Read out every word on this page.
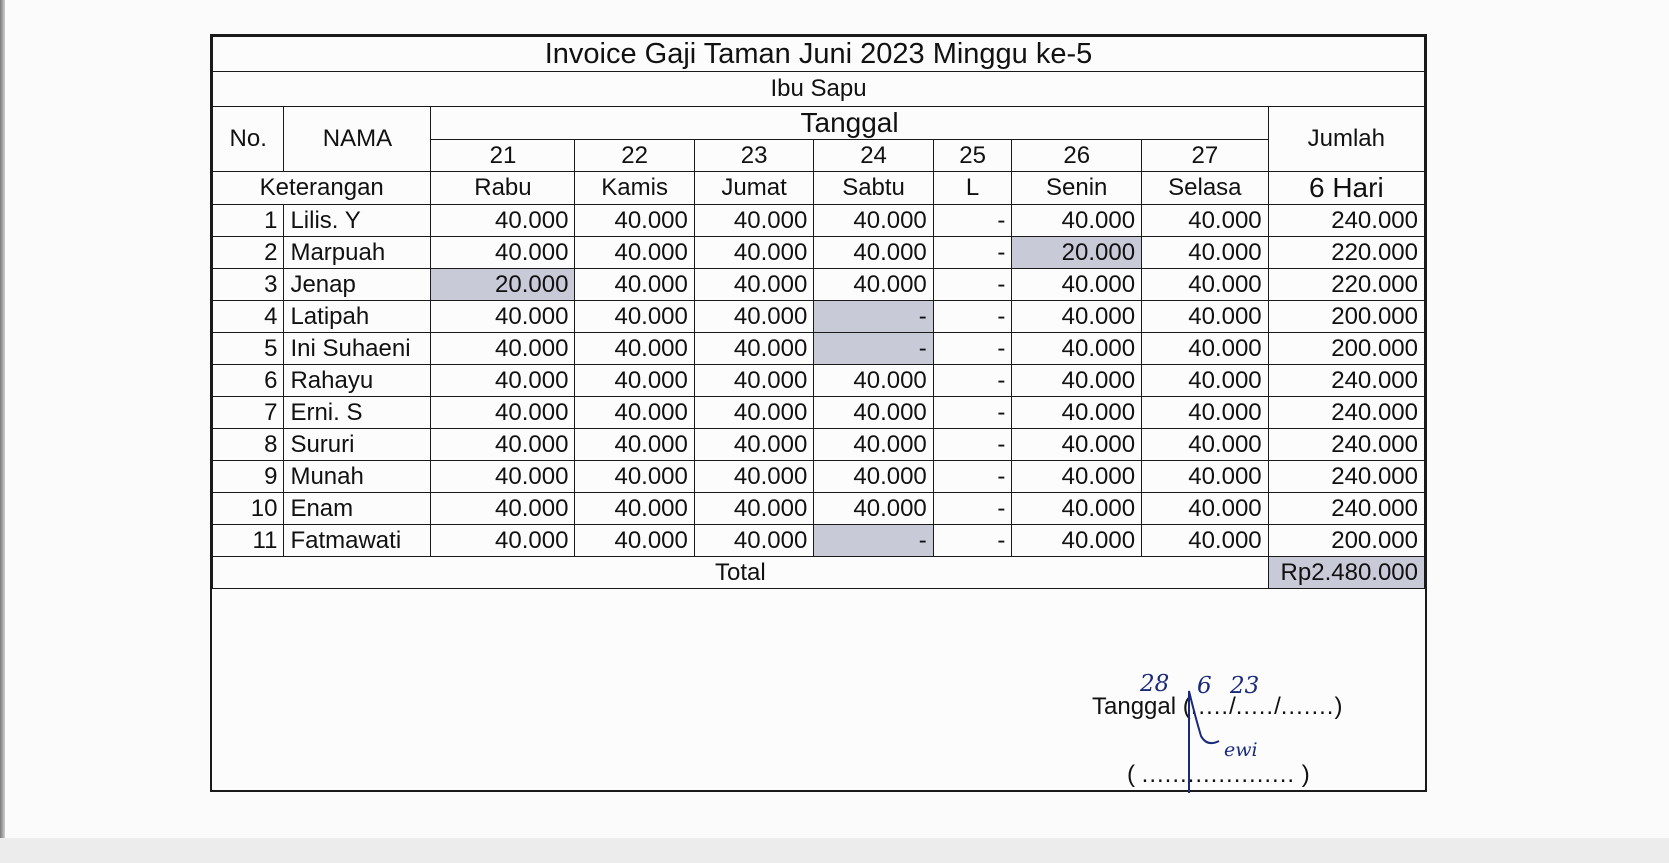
Invoice Gaji Taman Juni 2023 Minggu ke-5									
Ibu Sapu									
No.	NAMA	Tanggal							Jumlah
		21	22	23	24	25	26	27	
Keterangan		Rabu	Kamis	Jumat	Sabtu	L	Senin	Selasa	6 Hari
1	Lilis. Y	40.000	40.000	40.000	40.000	-	40.000	40.000	240.000
2	Marpuah	40.000	40.000	40.000	40.000	-	20.000	40.000	220.000
3	Jenap	20.000	40.000	40.000	40.000	-	40.000	40.000	220.000
4	Latipah	40.000	40.000	40.000	-	-	40.000	40.000	200.000
5	Ini Suhaeni	40.000	40.000	40.000	-	-	40.000	40.000	200.000
6	Rahayu	40.000	40.000	40.000	40.000	-	40.000	40.000	240.000
7	Erni. S	40.000	40.000	40.000	40.000	-	40.000	40.000	240.000
8	Sururi	40.000	40.000	40.000	40.000	-	40.000	40.000	240.000
9	Munah	40.000	40.000	40.000	40.000	-	40.000	40.000	240.000
10	Enam	40.000	40.000	40.000	40.000	-	40.000	40.000	240.000
11	Fatmawati	40.000	40.000	40.000	-	-	40.000	40.000	200.000
Total									Rp2.480.000
Tanggal (...../...../.......)
28 6 23
ewi
( .................... )
